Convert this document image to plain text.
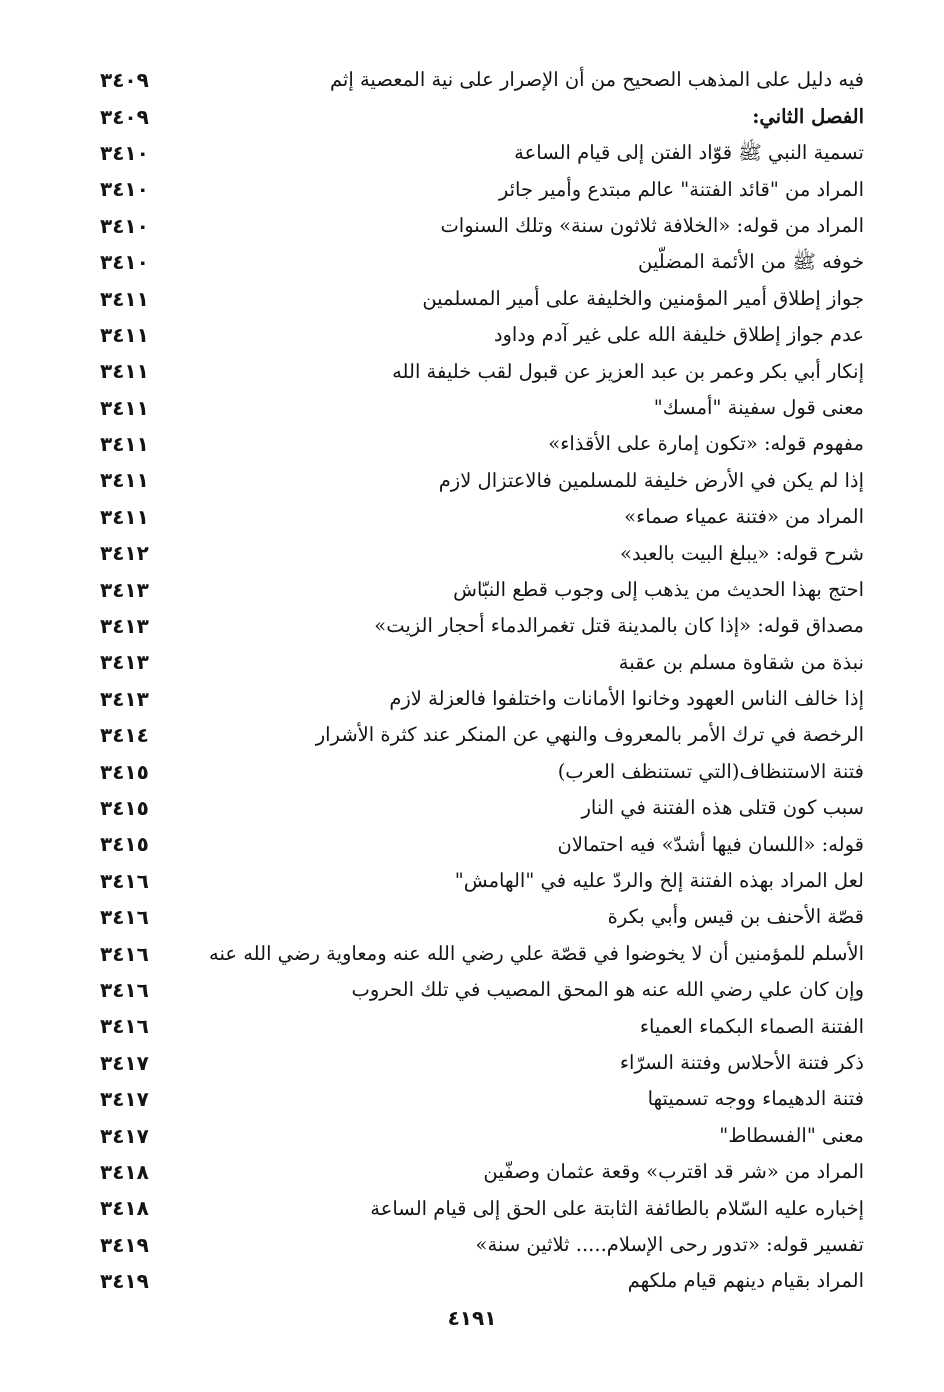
فيه دليل على المذهب الصحيح من أن الإصرار على نية المعصية إثم
٣٤٠٩
الفصل الثاني:
٣٤٠٩
تسمية النبي ﷺ قوّاد الفتن إلى قيام الساعة
٣٤١٠
المراد من "قائد الفتنة" عالم مبتدع وأمير جائر
٣٤١٠
المراد من قوله: «الخلافة ثلاثون سنة» وتلك السنوات
٣٤١٠
خوفه ﷺ من الأئمة المضلّين
٣٤١٠
جواز إطلاق أمير المؤمنين والخليفة على أمير المسلمين
٣٤١١
عدم جواز إطلاق خليفة الله على غير آدم وداود
٣٤١١
إنكار أبي بكر وعمر بن عبد العزيز عن قبول لقب خليفة الله
٣٤١١
معنى قول سفينة "أمسك"
٣٤١١
مفهوم قوله: «تكون إمارة على الأقذاء»
٣٤١١
إذا لم يكن في الأرض خليفة للمسلمين فالاعتزال لازم
٣٤١١
المراد من «فتنة عمياء صماء»
٣٤١١
شرح قوله: «يبلغ البيت بالعبد»
٣٤١٢
احتج بهذا الحديث من يذهب إلى وجوب قطع النبّاش
٣٤١٣
مصداق قوله: «إذا كان بالمدينة قتل تغمرالدماء أحجار الزيت»
٣٤١٣
نبذة من شقاوة مسلم بن عقبة
٣٤١٣
إذا خالف الناس العهود وخانوا الأمانات واختلفوا فالعزلة لازم
٣٤١٣
الرخصة في ترك الأمر بالمعروف والنهي عن المنكر عند كثرة الأشرار
٣٤١٤
فتنة الاستنظاف(التي تستنظف العرب)
٣٤١٥
سبب كون قتلى هذه الفتنة في النار
٣٤١٥
قوله: «اللسان فيها أشدّ» فيه احتمالان
٣٤١٥
لعل المراد بهذه الفتنة إلخ والردّ عليه في "الهامش"
٣٤١٦
قصّة الأحنف بن قيس وأبي بكرة
٣٤١٦
الأسلم للمؤمنين أن لا يخوضوا في قصّة علي رضي الله عنه ومعاوية رضي الله عنه
٣٤١٦
وإن كان علي رضي الله عنه هو المحق المصيب في تلك الحروب
٣٤١٦
الفتنة الصماء البكماء العمياء
٣٤١٦
ذكر فتنة الأحلاس وفتنة السرّاء
٣٤١٧
فتنة الدهيماء ووجه تسميتها
٣٤١٧
معنى "الفسطاط"
٣٤١٧
المراد من «شر قد اقترب» وقعة عثمان وصفّين
٣٤١٨
إخباره عليه السّلام بالطائفة الثابتة على الحق إلى قيام الساعة
٣٤١٨
تفسير قوله: «تدور رحى الإسلام..... ثلاثين سنة»
٣٤١٩
المراد بقيام دينهم قيام ملكهم
٣٤١٩
٤١٩١
